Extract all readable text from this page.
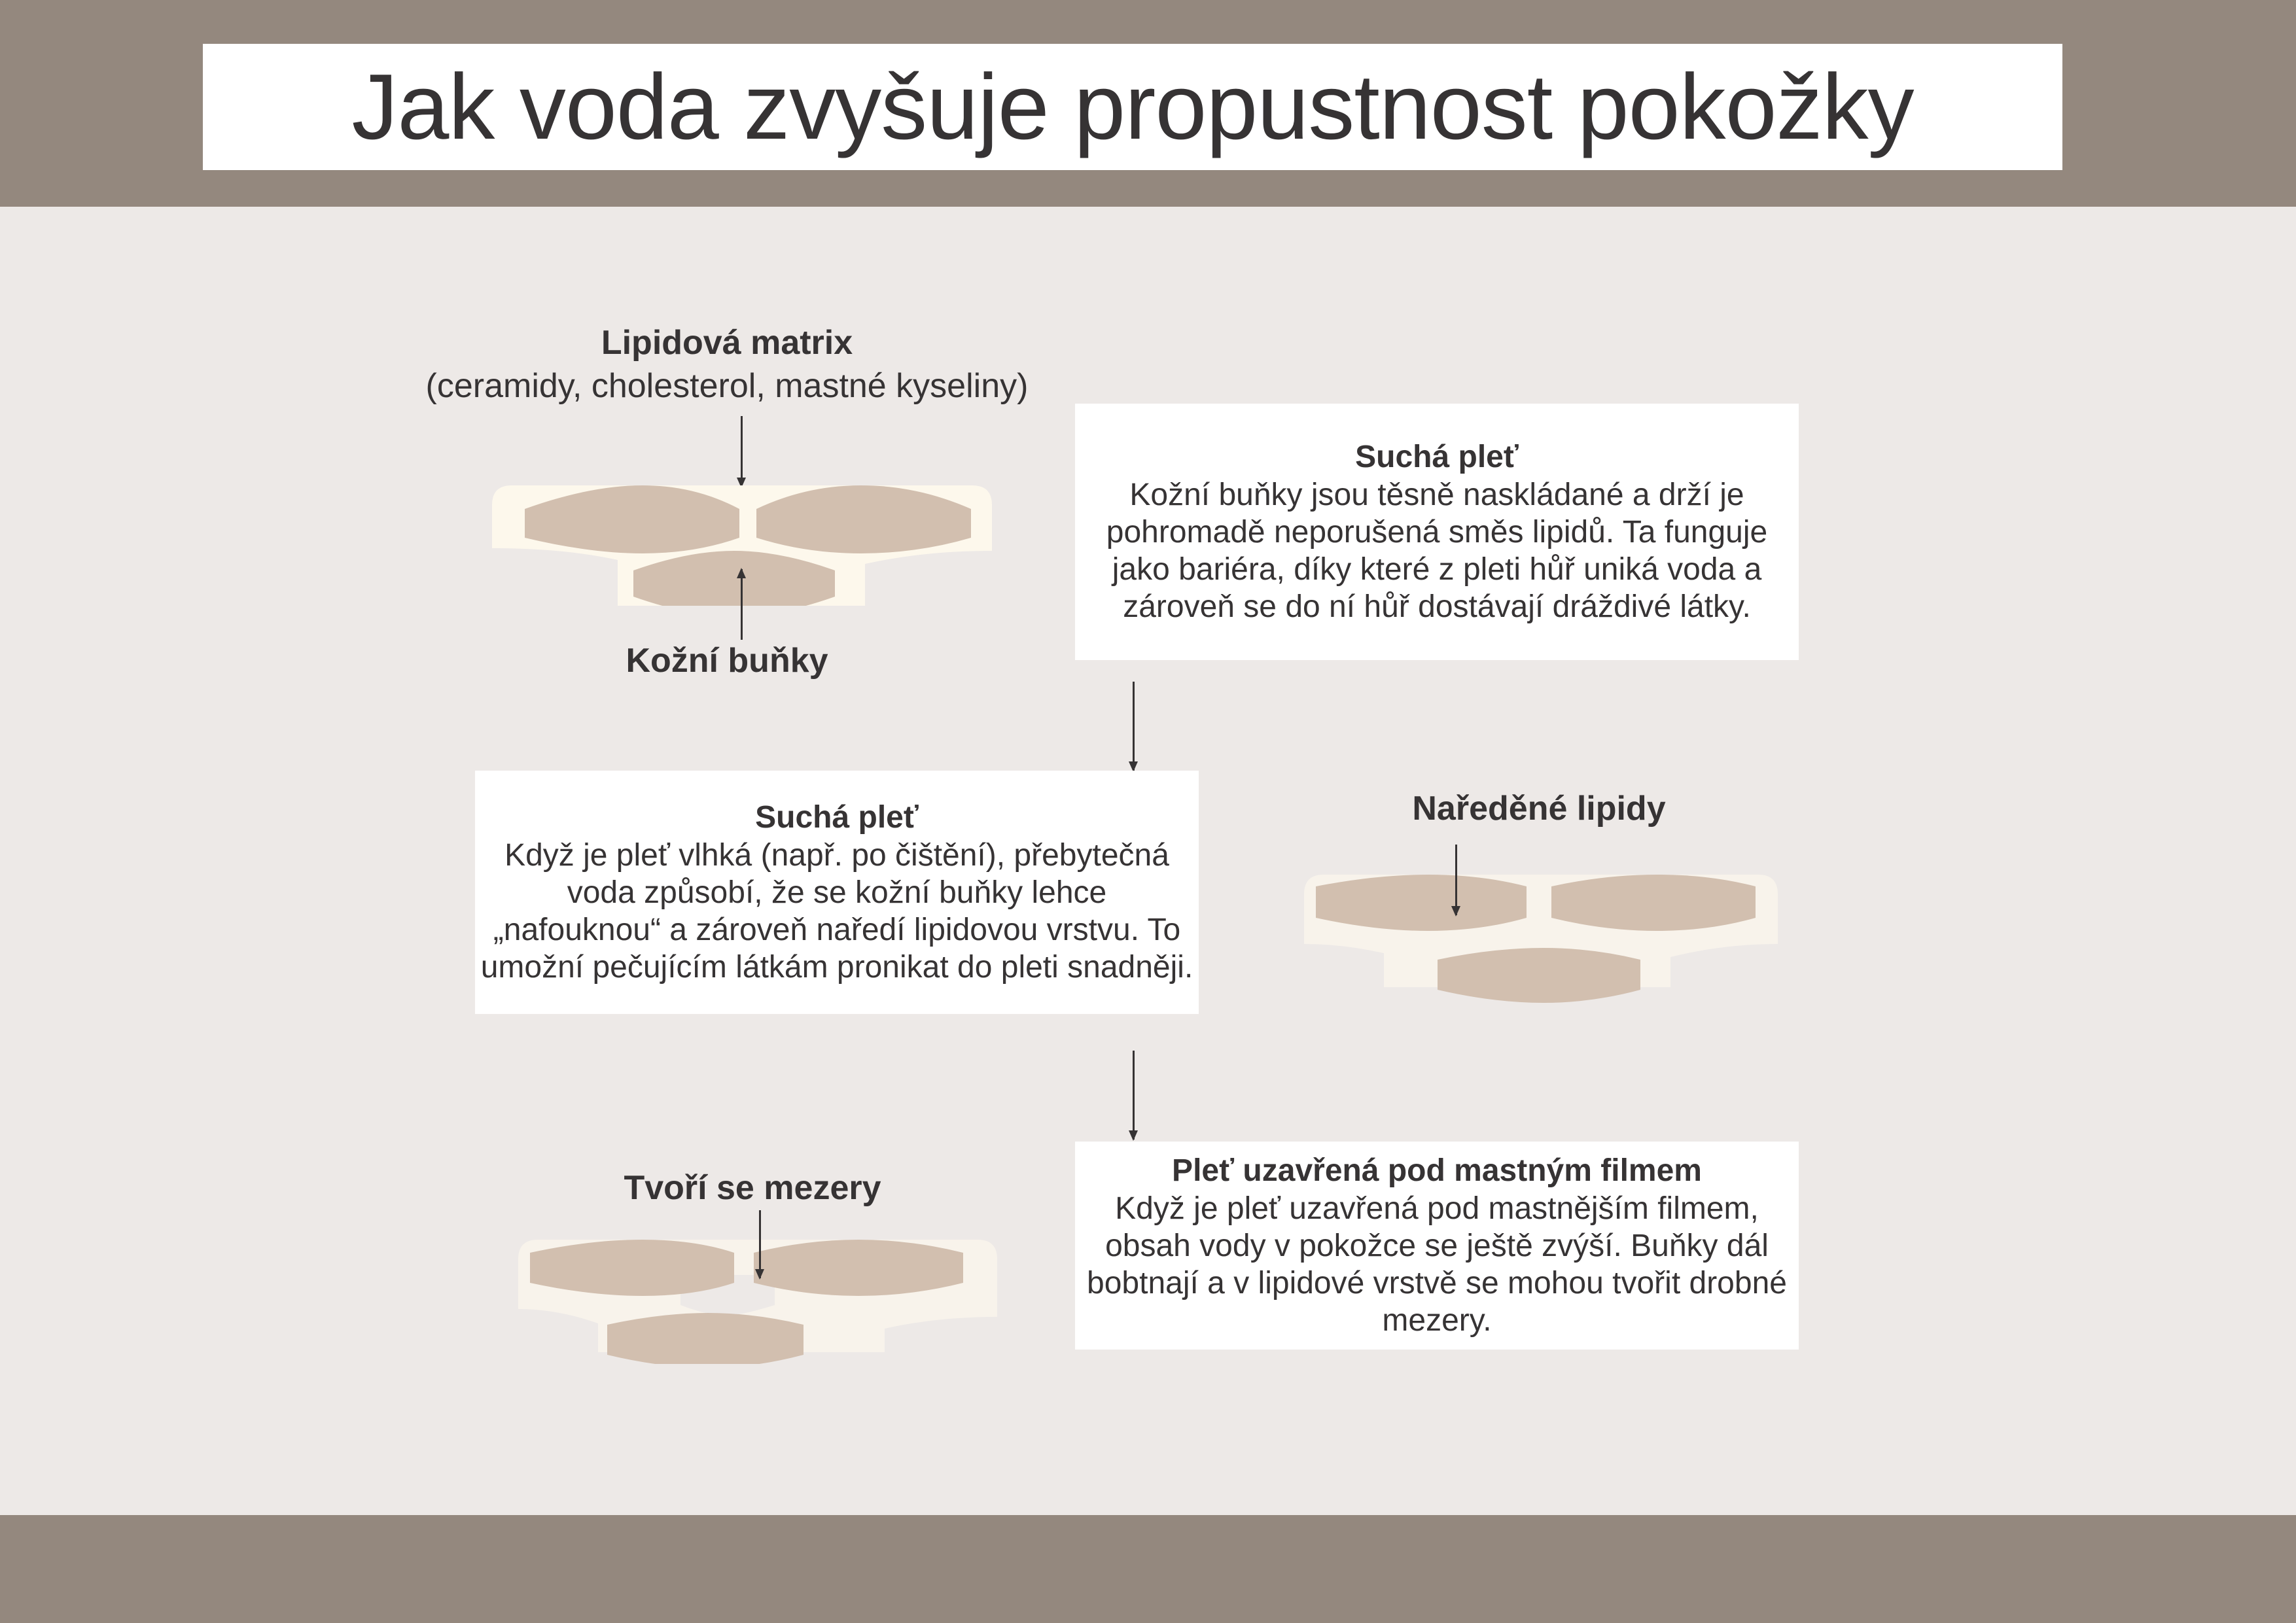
Jak voda zvyšuje propustnost pokožky
Lipidová matrix
(ceramidy, cholesterol, mastné kyseliny)
Kožní buňky
Suchá pleť
Kožní buňky jsou těsně naskládané a drží je pohromadě neporušená směs lipidů. Ta funguje jako bariéra, díky které z pleti hůř uniká voda a zároveň se do ní hůř dostávají dráždivé látky.
Suchá pleť
Když je pleť vlhká (např. po čištění), přebytečná voda způsobí, že se kožní buňky lehce „nafouknou“ a zároveň naředí lipidovou vrstvu. To umožní pečujícím látkám pronikat do pleti snadněji.
Naředěné lipidy
Tvoří se mezery	Pleť uzavřená pod mastným filmem
Když je pleť uzavřená pod mastnějším filmem, obsah vody v pokožce se ještě zvýší. Buňky dál bobtnají a v lipidové vrstvě se mohou tvořit drobné mezery.
